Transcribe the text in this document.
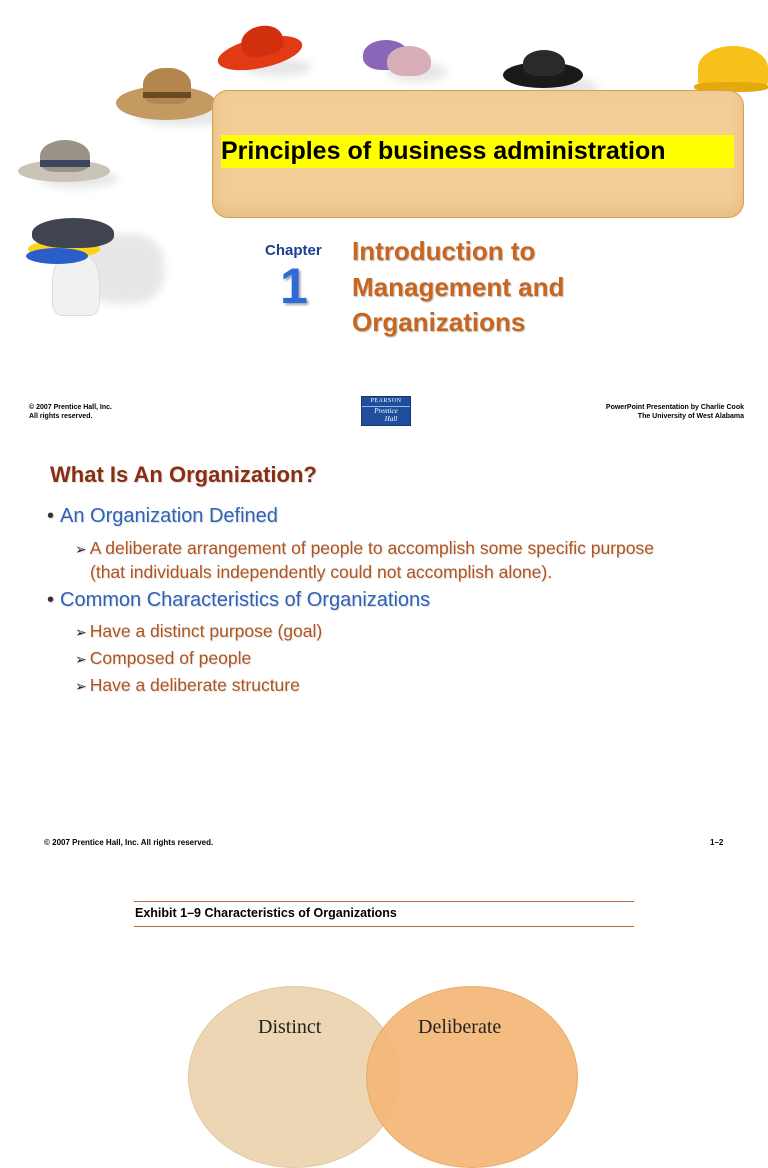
Principles of business administration
Chapter
1
Introduction to
Management and
Organizations
© 2007 Prentice Hall, Inc.
All rights reserved.
PEARSON
Prentice
Hall
PowerPoint Presentation by Charlie Cook
The University of West Alabama
What Is An Organization?
• An Organization Defined
➢ A deliberate arrangement of people to accomplish some specific purpose
(that individuals independently could not accomplish alone).
• Common Characteristics of Organizations
➢ Have a distinct purpose (goal)
➢ Composed of people
➢ Have a deliberate structure
© 2007 Prentice Hall, Inc. All rights reserved.	1–2
Exhibit 1–9 Characteristics of Organizations
Distinct	Deliberate
